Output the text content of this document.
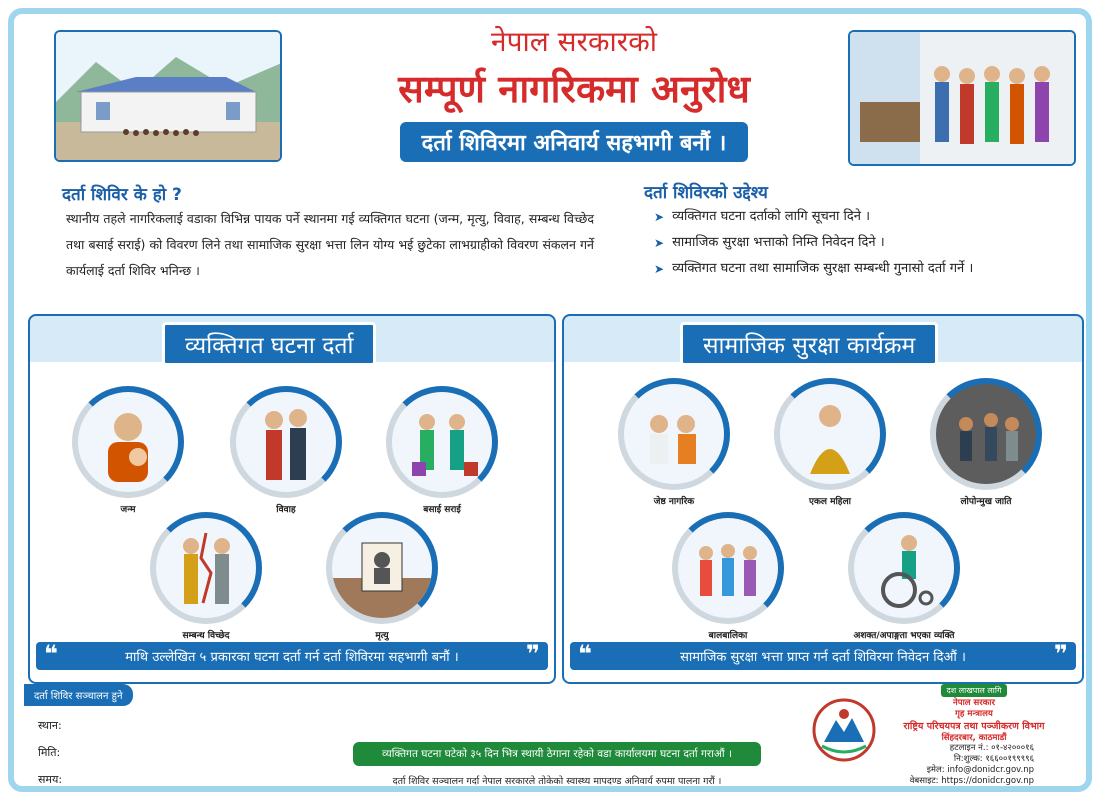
नेपाल सरकारको
सम्पूर्ण नागरिकमा अनुरोध
दर्ता शिविरमा अनिवार्य सहभागी बनौं ।
दर्ता शिविर के हो ?
स्थानीय तहले नागरिकलाई वडाका विभिन्न पायक पर्ने स्थानमा गई व्यक्तिगत घटना (जन्म, मृत्यु, विवाह, सम्बन्ध विच्छेद तथा बसाई सराई) को विवरण लिने तथा सामाजिक सुरक्षा भत्ता लिन योग्य भई छुटेका लाभग्राहीको विवरण संकलन गर्ने कार्यलाई दर्ता शिविर भनिन्छ ।
दर्ता शिविरको उद्देश्य
➤ व्यक्तिगत घटना दर्ताको लागि सूचना दिने ।
➤ सामाजिक सुरक्षा भत्ताको निम्ति निवेदन दिने ।
➤ व्यक्तिगत घटना तथा सामाजिक सुरक्षा सम्बन्धी गुनासो दर्ता गर्ने ।
व्यक्तिगत घटना दर्ता
जन्म	विवाह	बसाई सराई
सम्बन्ध विच्छेद	मृत्यु
❝	माथि उल्लेखित ५ प्रकारका घटना दर्ता गर्न दर्ता शिविरमा सहभागी बनौं ।	❞
सामाजिक सुरक्षा कार्यक्रम
जेष्ठ नागरिक	एकल महिला	लोपोन्मुख जाति
बालबालिका	अशक्त/अपाङ्गता भएका व्यक्ति
❝	सामाजिक सुरक्षा भत्ता प्राप्त गर्न दर्ता शिविरमा निवेदन दिऔं ।	❞
दर्ता शिविर सञ्चालन हुने
स्थान:
मिति:
समय:
व्यक्तिगत घटना घटेको ३५ दिन भित्र स्थायी ठेगाना रहेको वडा कार्यालयमा घटना दर्ता गराऔं ।
दर्ता शिविर सञ्चालन गर्दा नेपाल सरकारले तोकेको स्वास्थ्य मापदण्ड अनिवार्य रुपमा पालना गरौं ।
दश लाखपाल लागि
नेपाल सरकार
गृह मन्त्रालय
राष्ट्रिय परिचयपत्र तथा पञ्जीकरण विभाग
सिंहदरबार, काठमाडौं
हटलाइन नं.: ०१-४२०००१६
नि:शुल्क: १६६००१९९९९६
इमेल: info@donidcr.gov.np
वेबसाइट: https://donidcr.gov.np
